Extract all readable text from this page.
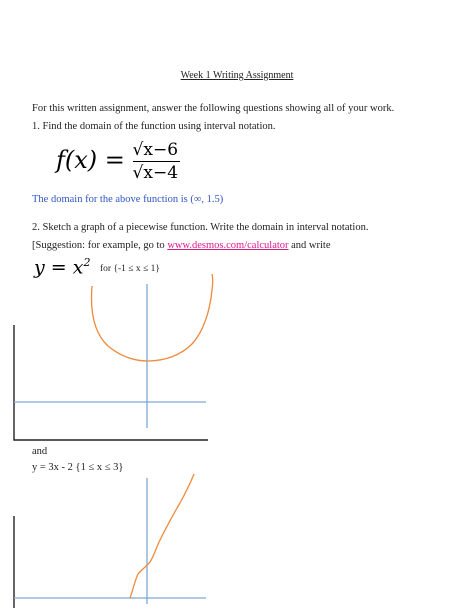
Week 1 Writing Assignment
For this written assignment, answer the following questions showing all of your work.
1. Find the domain of the function using interval notation.
$f(x) = \frac{√x-6}{√x-4}$
The domain for the above function is (∞, 1.5)
2. Sketch a graph of a piecewise function. Write the domain in interval notation.
[Suggestion: for example, go to www.desmos.com/calculator and write
$y = x^2$ for {-1 ≤ x ≤ 1}
and
y = 3x - 2 {1 ≤ x ≤ 3}
